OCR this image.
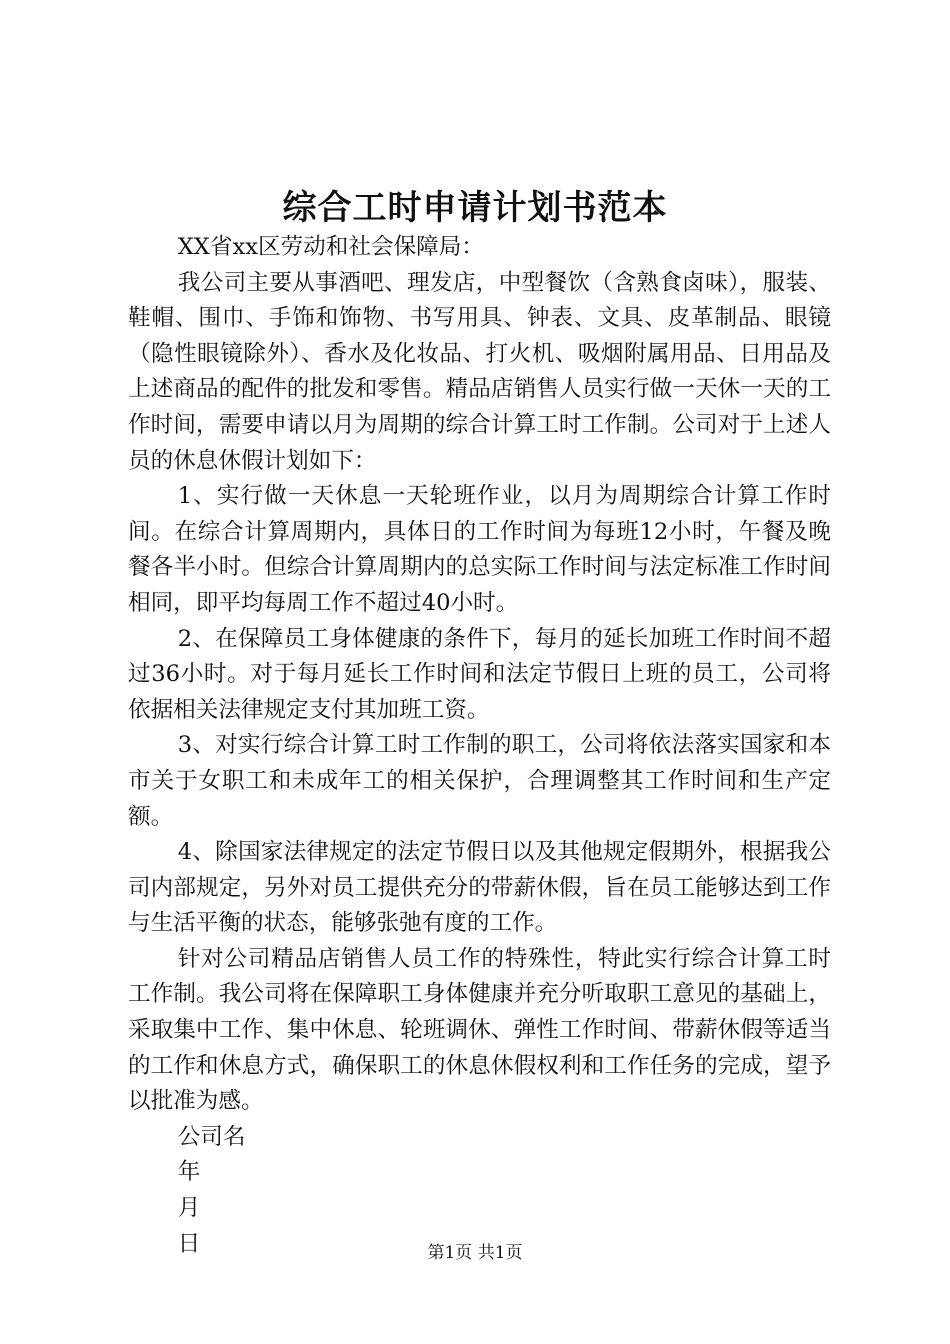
综合工时申请计划书范本

XX省xx区劳动和社会保障局：

我公司主要从事酒吧、理发店，中型餐饮（含熟食卤味），服装、鞋帽、围巾、手饰和饰物、书写用具、钟表、文具、皮革制品、眼镜（隐性眼镜除外）、香水及化妆品、打火机、吸烟附属用品、日用品及上述商品的配件的批发和零售。精品店销售人员实行做一天休一天的工作时间，需要申请以月为周期的综合计算工时工作制。公司对于上述人员的休息休假计划如下：

1、实行做一天休息一天轮班作业，以月为周期综合计算工作时间。在综合计算周期内，具体日的工作时间为每班12小时，午餐及晚餐各半小时。但综合计算周期内的总实际工作时间与法定标准工作时间相同，即平均每周工作不超过40小时。

2、在保障员工身体健康的条件下，每月的延长加班工作时间不超过36小时。对于每月延长工作时间和法定节假日上班的员工，公司将依据相关法律规定支付其加班工资。

3、对实行综合计算工时工作制的职工，公司将依法落实国家和本市关于女职工和未成年工的相关保护，合理调整其工作时间和生产定额。

4、除国家法律规定的法定节假日以及其他规定假期外，根据我公司内部规定，另外对员工提供充分的带薪休假，旨在员工能够达到工作与生活平衡的状态，能够张弛有度的工作。

针对公司精品店销售人员工作的特殊性，特此实行综合计算工时工作制。我公司将在保障职工身体健康并充分听取职工意见的基础上，采取集中工作、集中休息、轮班调休、弹性工作时间、带薪休假等适当的工作和休息方式，确保职工的休息休假权利和工作任务的完成，望予以批准为感。

公司名

年

月

日	第1页 共1页
